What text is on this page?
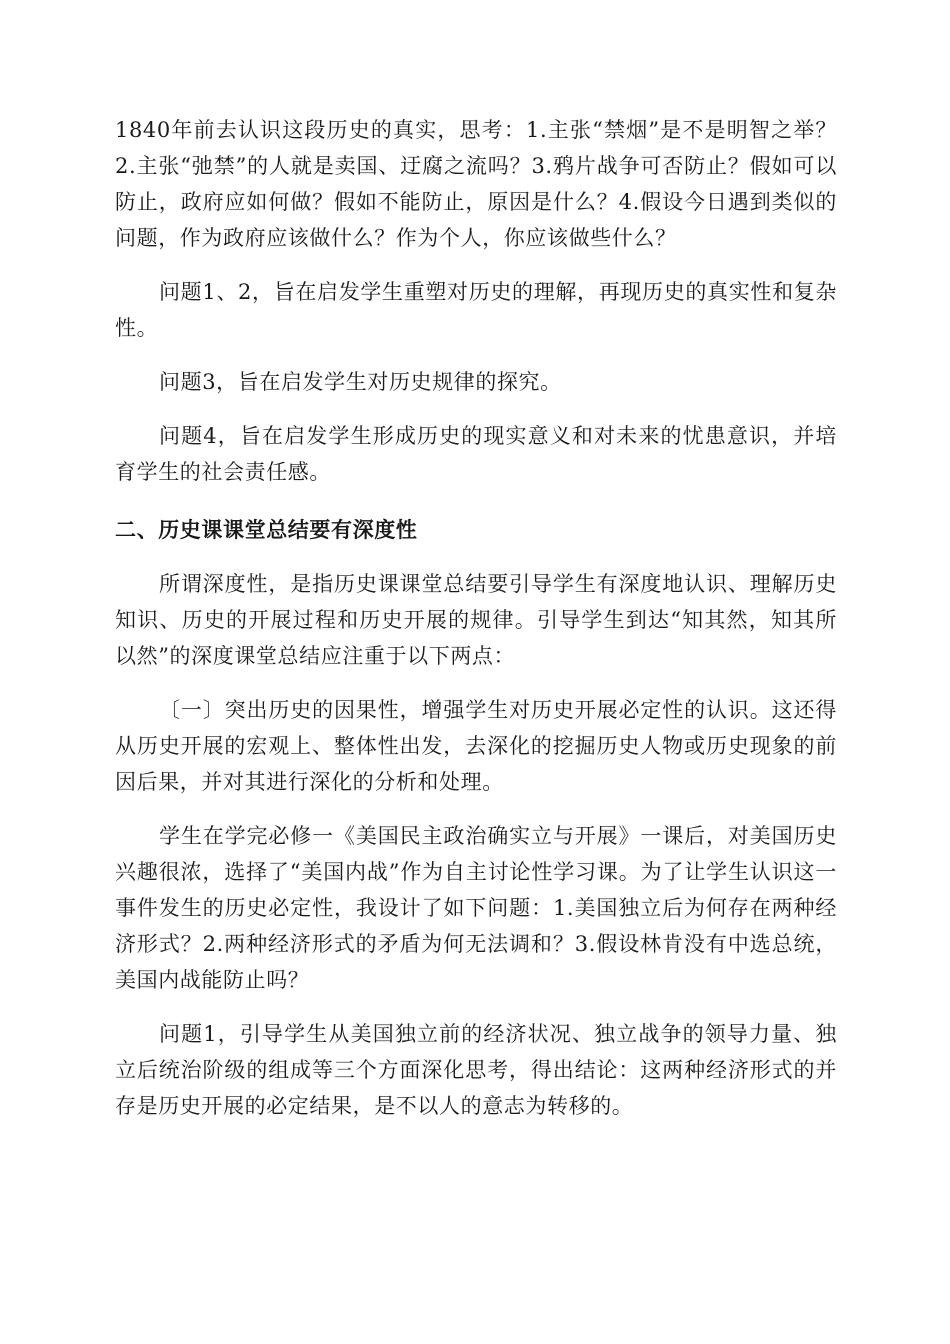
1840年前去认识这段历史的真实，思考：1.主张“禁烟”是不是明智之举？2.主张“弛禁”的人就是卖国、迂腐之流吗？3.鸦片战争可否防止？假如可以防止，政府应如何做？假如不能防止，原因是什么？4.假设今日遇到类似的问题，作为政府应该做什么？作为个人，你应该做些什么？

问题1、2，旨在启发学生重塑对历史的理解，再现历史的真实性和复杂性。

问题3，旨在启发学生对历史规律的探究。

问题4，旨在启发学生形成历史的现实意义和对未来的忧患意识，并培育学生的社会责任感。

二、历史课课堂总结要有深度性

所谓深度性，是指历史课课堂总结要引导学生有深度地认识、理解历史知识、历史的开展过程和历史开展的规律。引导学生到达“知其然，知其所以然”的深度课堂总结应注重于以下两点：

〔一〕突出历史的因果性，增强学生对历史开展必定性的认识。这还得从历史开展的宏观上、整体性出发，去深化的挖掘历史人物或历史现象的前因后果，并对其进行深化的分析和处理。

学生在学完必修一《美国民主政治确实立与开展》一课后，对美国历史兴趣很浓，选择了“美国内战”作为自主讨论性学习课。为了让学生认识这一事件发生的历史必定性，我设计了如下问题：1.美国独立后为何存在两种经济形式？2.两种经济形式的矛盾为何无法调和？3.假设林肯没有中选总统，美国内战能防止吗？

问题1，引导学生从美国独立前的经济状况、独立战争的领导力量、独立后统治阶级的组成等三个方面深化思考，得出结论：这两种经济形式的并存是历史开展的必定结果，是不以人的意志为转移的。
